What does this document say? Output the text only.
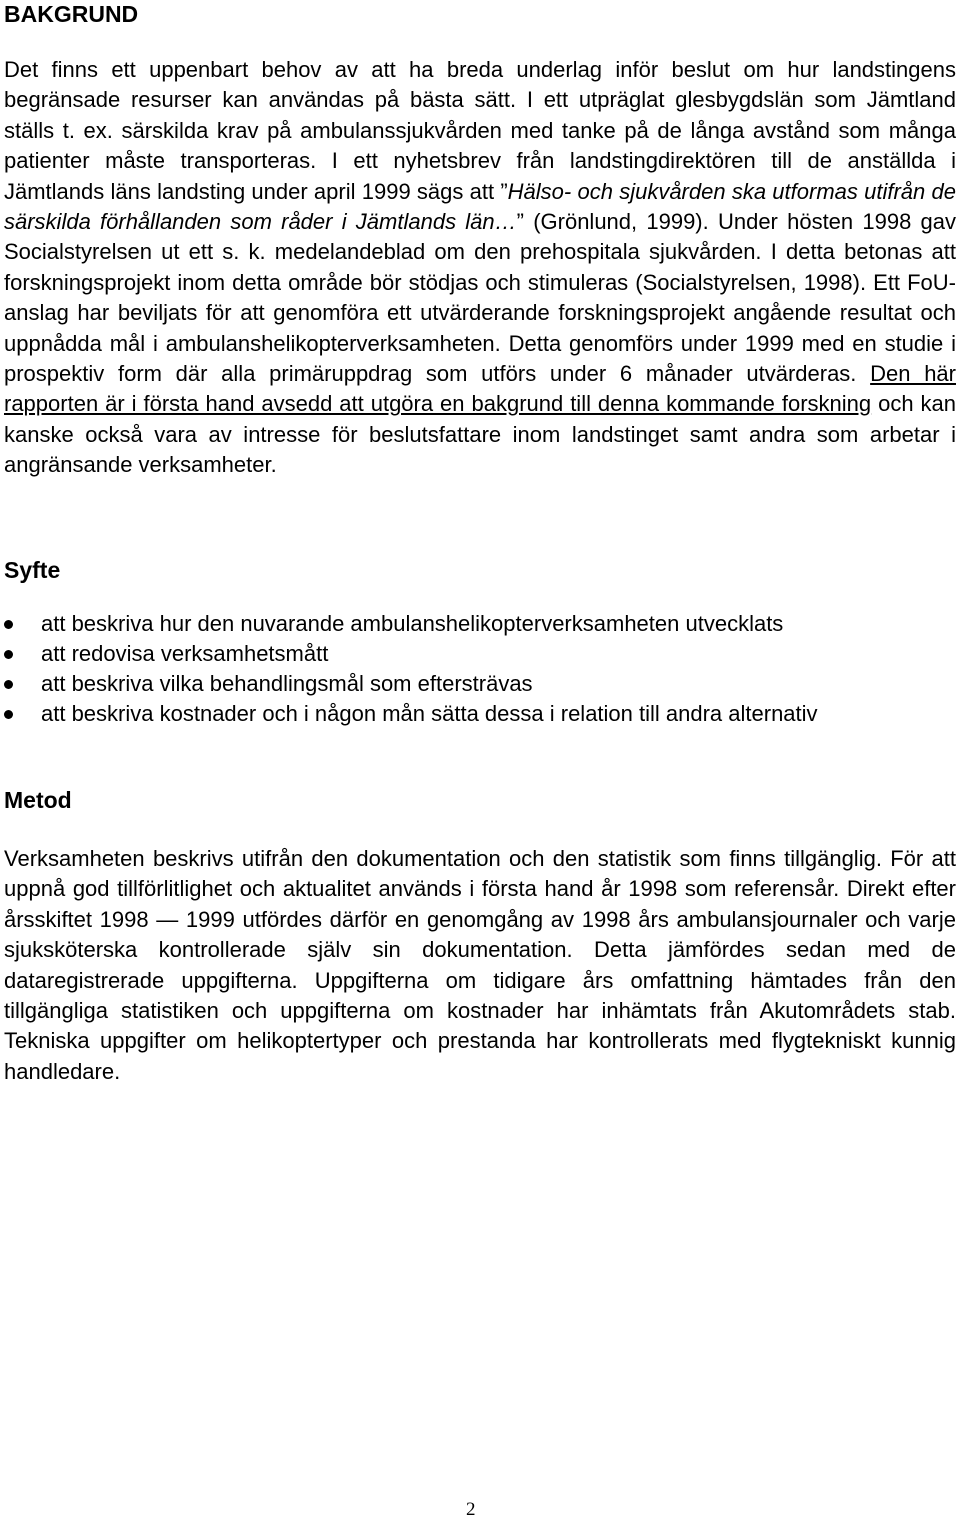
BAKGRUND

Det finns ett uppenbart behov av att ha breda underlag inför beslut om hur landstingens begränsade resurser kan användas på bästa sätt. I ett utpräglat glesbygdslän som Jämtland ställs t. ex. särskilda krav på ambulanssjukvården med tanke på de långa avstånd som många patienter måste transporteras. I ett nyhetsbrev från landstingdirektören till de anställda i Jämtlands läns landsting under april 1999 sägs att ”Hälso- och sjukvården ska utformas utifrån de särskilda förhållanden som råder i Jämtlands län…” (Grönlund, 1999). Under hösten 1998 gav Socialstyrelsen ut ett s. k. medelandeblad om den prehospitala sjukvården. I detta betonas att forskningsprojekt inom detta område bör stödjas och stimuleras (Socialstyrelsen, 1998). Ett FoU-anslag har beviljats för att genomföra ett utvärderande forskningsprojekt angående resultat och uppnådda mål i ambulanshelikopterverksamheten. Detta genomförs under 1999 med en studie i prospektiv form där alla primäruppdrag som utförs under 6 månader utvärderas. Den här rapporten är i första hand avsedd att utgöra en bakgrund till denna kommande forskning och kan kanske också vara av intresse för beslutsfattare inom landstinget samt andra som arbetar i angränsande verksamheter.

Syfte
att beskriva hur den nuvarande ambulanshelikopterverksamheten utvecklats
att redovisa verksamhetsmått
att beskriva vilka behandlingsmål som eftersträvas
att beskriva kostnader och i någon mån sätta dessa i relation till andra alternativ
Metod

Verksamheten beskrivs utifrån den dokumentation och den statistik som finns tillgänglig. För att uppnå god tillförlitlighet och aktualitet används i första hand år 1998 som referensår. Direkt efter årsskiftet 1998 — 1999 utfördes därför en genomgång av 1998 års ambulansjournaler och varje sjuksköterska kontrollerade själv sin dokumentation. Detta jämfördes sedan med de dataregistrerade uppgifterna. Uppgifterna om tidigare års omfattning hämtades från den tillgängliga statistiken och uppgifterna om kostnader har inhämtats från Akutområdets stab. Tekniska uppgifter om helikoptertyper och prestanda har kontrollerats med flygtekniskt kunnig handledare.

2
